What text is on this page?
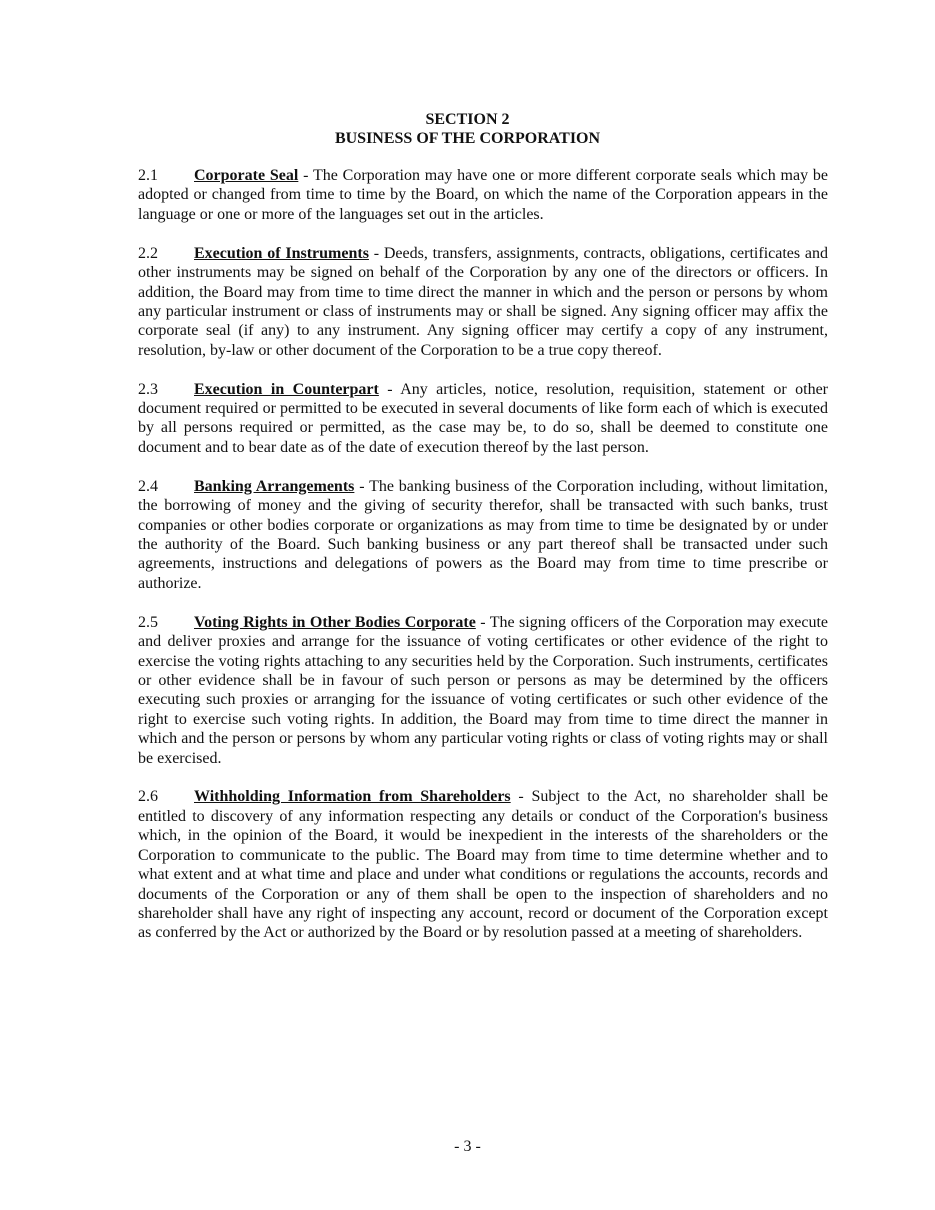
SECTION 2
BUSINESS OF THE CORPORATION

2.1 Corporate Seal - The Corporation may have one or more different corporate seals which may be adopted or changed from time to time by the Board, on which the name of the Corporation appears in the language or one or more of the languages set out in the articles.

2.2 Execution of Instruments - Deeds, transfers, assignments, contracts, obligations, certificates and other instruments may be signed on behalf of the Corporation by any one of the directors or officers. In addition, the Board may from time to time direct the manner in which and the person or persons by whom any particular instrument or class of instruments may or shall be signed. Any signing officer may affix the corporate seal (if any) to any instrument. Any signing officer may certify a copy of any instrument, resolution, by-law or other document of the Corporation to be a true copy thereof.

2.3 Execution in Counterpart - Any articles, notice, resolution, requisition, statement or other document required or permitted to be executed in several documents of like form each of which is executed by all persons required or permitted, as the case may be, to do so, shall be deemed to constitute one document and to bear date as of the date of execution thereof by the last person.

2.4 Banking Arrangements - The banking business of the Corporation including, without limitation, the borrowing of money and the giving of security therefor, shall be transacted with such banks, trust companies or other bodies corporate or organizations as may from time to time be designated by or under the authority of the Board. Such banking business or any part thereof shall be transacted under such agreements, instructions and delegations of powers as the Board may from time to time prescribe or authorize.

2.5 Voting Rights in Other Bodies Corporate - The signing officers of the Corporation may execute and deliver proxies and arrange for the issuance of voting certificates or other evidence of the right to exercise the voting rights attaching to any securities held by the Corporation. Such instruments, certificates or other evidence shall be in favour of such person or persons as may be determined by the officers executing such proxies or arranging for the issuance of voting certificates or such other evidence of the right to exercise such voting rights. In addition, the Board may from time to time direct the manner in which and the person or persons by whom any particular voting rights or class of voting rights may or shall be exercised.

2.6 Withholding Information from Shareholders - Subject to the Act, no shareholder shall be entitled to discovery of any information respecting any details or conduct of the Corporation's business which, in the opinion of the Board, it would be inexpedient in the interests of the shareholders or the Corporation to communicate to the public. The Board may from time to time determine whether and to what extent and at what time and place and under what conditions or regulations the accounts, records and documents of the Corporation or any of them shall be open to the inspection of shareholders and no shareholder shall have any right of inspecting any account, record or document of the Corporation except as conferred by the Act or authorized by the Board or by resolution passed at a meeting of shareholders.

- 3 -
